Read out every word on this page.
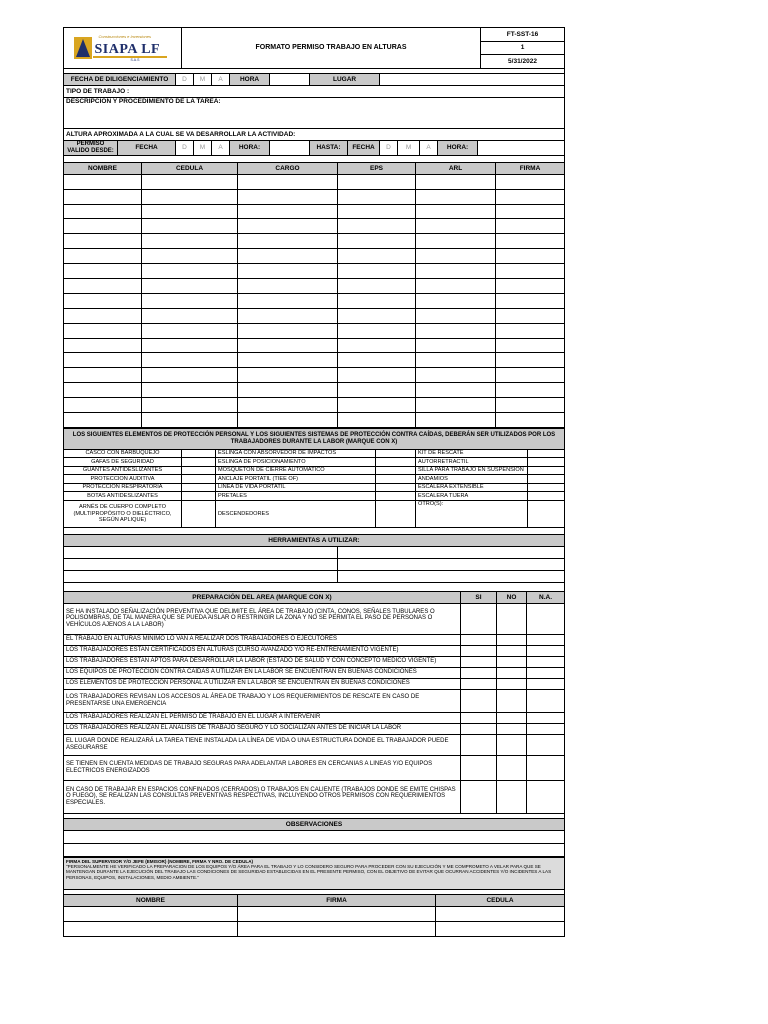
Construcciones e Inversiones
SIAPA LF
S.A.S
	FORMATO PERMISO TRABAJO EN ALTURAS	FT-SST-16
1
5/31/2022
FECHA DE DILIGENCIAMIENTO		D	M	A	HORA		LUGAR						
TIPO DE TRABAJO :													
DESCRIPCIÓN Y PROCEDIMIENTO DE LA TAREA:													
ALTURA APROXIMADA A LA CUAL SE VA DESARROLLAR LA ACTIVIDAD:													
PERMISO VALIDO DESDE:	FECHA	D	M	A	HORA:		HASTA:	FECHA	D	M	A	HORA:	
NOMBRE	CEDULA	CARGO	EPS	ARL	FIRMA

LOS SIGUIENTES ELEMENTOS DE PROTECCIÓN PERSONAL Y LOS SIGUIENTES SISTEMAS DE PROTECCIÓN CONTRA CAÍDAS, DEBERÁN SER UTILIZADOS POR LOS TRABAJADORES DURANTE LA LABOR (MARQUE CON X)					
CASCO CON BARBUQUEJO		ESLINGA CON ABSORVEDOR DE IMPACTOS		KIT DE RESCATE	
GAFAS DE SEGURIDAD		ESLINGA DE POSICIONAMIENTO		AUTORRETRACTIL	
GUANTES ANTIDESLIZANTES		MOSQUETON DE CIERRE AUTOMATICO		SILLA PARA TRABAJO EN SUSPENSION	
PROTECCION AUDITIVA		ANCLAJE PORTATIL (TIEE OF)		ANDAMIOS	
PROTECCION RESPIRATORIA		LINEA DE VIDA PORTATIL		ESCALERA EXTENSIBLE	
BOTAS ANTIDESLIZANTES		PRETALES		ESCALERA TIJERA	
ARNÉS DE CUERPO COMPLETO (MULTIPROPÓSITO O DIELÉCTRICO, SEGÚN APLIQUE)		DESCENDEDORES		OTRO(S):	
HERRAMIENTAS A UTILIZAR:	

PREPARACIÓN DEL AREA (MARQUE CON X)	SI	NO	N.A.
SE HA INSTALADO SEÑALIZACIÓN PREVENTIVA QUE DELIMITE EL ÁREA DE TRABAJO (CINTA, CONOS, SEÑALES TUBULARES O POLISOMBRAS, DE TAL MANERA QUE SE PUEDA AISLAR O RESTRINGIR LA ZONA Y NO SE PERMITA EL PASO DE PERSONAS O VEHÍCULOS AJENOS A LA LABOR)			
EL TRABAJO EN ALTURAS MINIMO LO VAN A REALIZAR DOS TRABAJADORES O EJECUTORES			
LOS TRABAJADORES ESTAN CERTIFICADOS EN ALTURAS (CURSO AVANZADO Y/O RE-ENTRENAMIENTO VIGENTE)			
LOS TRABAJADORES ESTAN APTOS PARA DESARROLLAR LA LABOR (ESTADO DE SALUD Y CON CONCEPTO MEDICO VIGENTE)			
LOS EQUIPOS DE PROTECCIÓN CONTRA CAÍDAS A UTILIZAR EN LA LABOR SE ENCUENTRAN EN BUENAS CONDICIONES			
LOS ELEMENTOS DE PROTECCIÓN PERSONAL A UTILIZAR EN LA LABOR SE ENCUENTRAN EN BUENAS CONDICIONES			
LOS TRABAJADORES REVISAN LOS ACCESOS AL ÁREA DE TRABAJO Y LOS REQUERIMIENTOS DE RESCATE EN CASO DE PRESENTARSE UNA EMERGENCIA			
LOS TRABAJADORES REALIZAN EL PERMISO DE TRABAJO EN EL LUGAR A INTERVENIR			
LOS TRABAJADORES REALIZAN EL ANALISIS DE TRABAJO SEGURO Y LO SOCIALIZAN ANTES DE INICIAR LA LABOR			
EL LUGAR DONDE REALIZARÁ LA TAREA TIENE INSTALADA LA LÍNEA DE VIDA O UNA ESTRUCTURA DONDE EL TRABAJADOR PUEDE ASEGURARSE			
SE TIENEN EN CUENTA MEDIDAS DE TRABAJO SEGURAS PARA ADELANTAR LABORES EN CERCANIAS A LINEAS Y/O EQUIPOS ELECTRICOS ENERGIZADOS			
EN CASO DE TRABAJAR EN ESPACIOS CONFINADOS (CERRADOS) O TRABAJOS EN CALIENTE (TRABAJOS DONDE SE EMITE CHISPAS O FUEGO), SE REALIZAN LAS CONSULTAS PREVENTIVAS RESPECTIVAS, INCLUYENDO OTROS PERMISOS CON REQUERIMIENTOS ESPECIALES.			
OBSERVACIONES

FIRMA DEL SUPERVISOR Y/O JEFE (EMISOR) (NOMBRE, FIRMA Y NRO. DE CEDULA)
"PERSONALMENTE HE VERIFICADO LA PREPARACION DE LOS EQUIPOS Y/O ÁREA PARA EL TRABAJO Y LO CONSIDERO SEGURO PARA PROCEDER CON SU EJECUCIÓN Y ME COMPROMETO A VELAR PARA QUE SE MANTENGAN DURANTE LA EJECUCIÓN DEL TRABAJO LAS CONDICIONES DE SEGURIDAD ESTABLECIDAS EN EL PRESENTE PERMISO, CON EL OBJETIVO DE EVITAR QUE OCURRAN ACCIDENTES Y/O INCIDENTES A LAS PERSONAS, EQUIPOS, INSTALACIONES, MEDIO AMBIENTE."		

NOMBRE	FIRMA	CEDULA
